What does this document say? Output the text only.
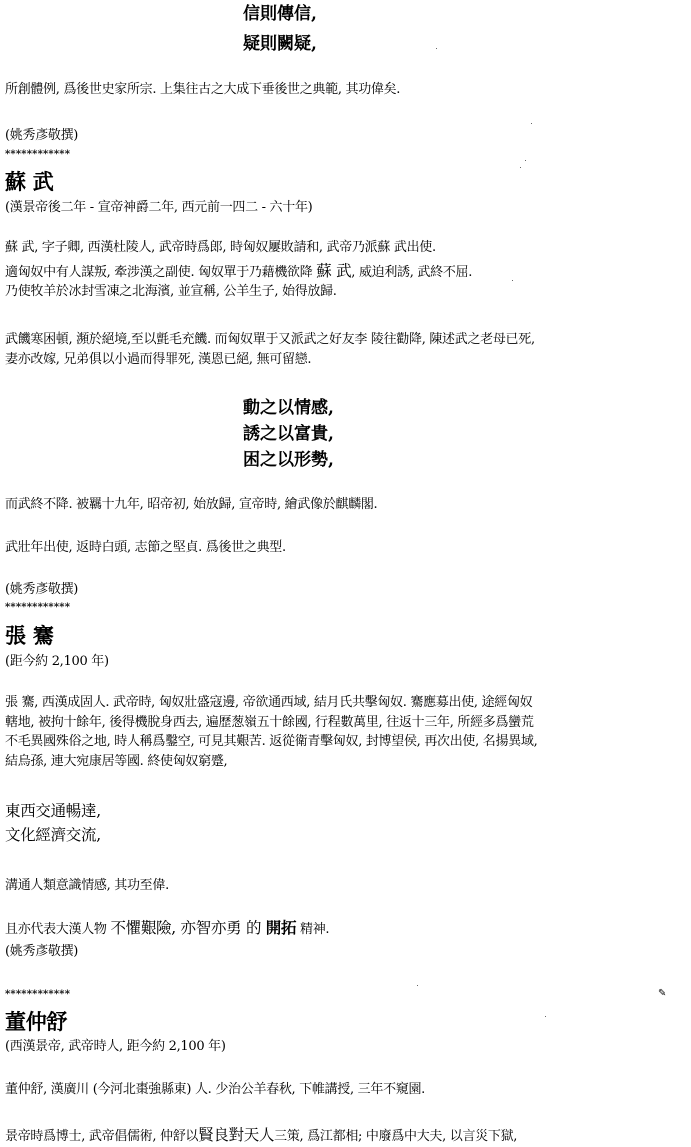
信則傳信,
疑則闕疑,
所創體例, 爲後世史家所宗. 上集往古之大成下垂後世之典範, 其功偉矣.
(姚秀彥敬撰)
************
蘇 武
(漢景帝後二年 - 宣帝神爵二年, 西元前一四二 - 六十年)
蘇 武, 字子卿, 西漢杜陵人, 武帝時爲郎, 時匈奴屢敗請和, 武帝乃派蘇 武出使.
適匈奴中有人謀叛, 牽涉漢之副使. 匈奴單于乃藉機欲降 蘇 武, 威迫利誘, 武終不屈.
乃使牧羊於冰封雪凍之北海濱, 並宣稱, 公羊生子, 始得放歸.
武饑寒困頓, 瀕於絕境,至以氈毛充饑. 而匈奴單于又派武之好友李 陵往勸降, 陳述武之老母已死,
妻亦改嫁, 兄弟俱以小過而得罪死, 漢恩已絕, 無可留戀.
動之以情感,
誘之以富貴,
困之以形勢,
而武終不降. 被羈十九年, 昭帝初, 始放歸, 宣帝時, 繪武像於麒麟閣.
武壯年出使, 返時白頭, 志節之堅貞. 爲後世之典型.
(姚秀彥敬撰)
************
張 騫
(距今約 2,100 年)
張 騫, 西漢成固人. 武帝時, 匈奴壯盛寇邊, 帝欲通西域, 結月氏共擊匈奴. 騫應募出使, 途經匈奴
轄地, 被拘十餘年, 後得機脫身西去, 遍歷葱嶺五十餘國, 行程數萬里, 往返十三年, 所經多爲蠻荒
不毛異國殊俗之地, 時人稱爲鑿空, 可見其艱苦. 返從衛青擊匈奴, 封博望侯, 再次出使, 名揚異域,
結烏孫, 連大宛康居等國. 終使匈奴窮蹙,
東西交通暢達,
文化經濟交流,
溝通人類意識情感, 其功至偉.
且亦代表大漢人物 不懼艱險, 亦智亦勇 的 開拓 精神.
(姚秀彥敬撰)
************
董仲舒
(西漢景帝, 武帝時人, 距今約 2,100 年)
董仲舒, 漢廣川 (今河北棗強縣東) 人. 少治公羊春秋, 下帷講授, 三年不窺園.
景帝時爲博士, 武帝倡儒術, 仲舒以賢良對天人三策, 爲江都相; 中廢爲中大夫, 以言災下獄,
✎
